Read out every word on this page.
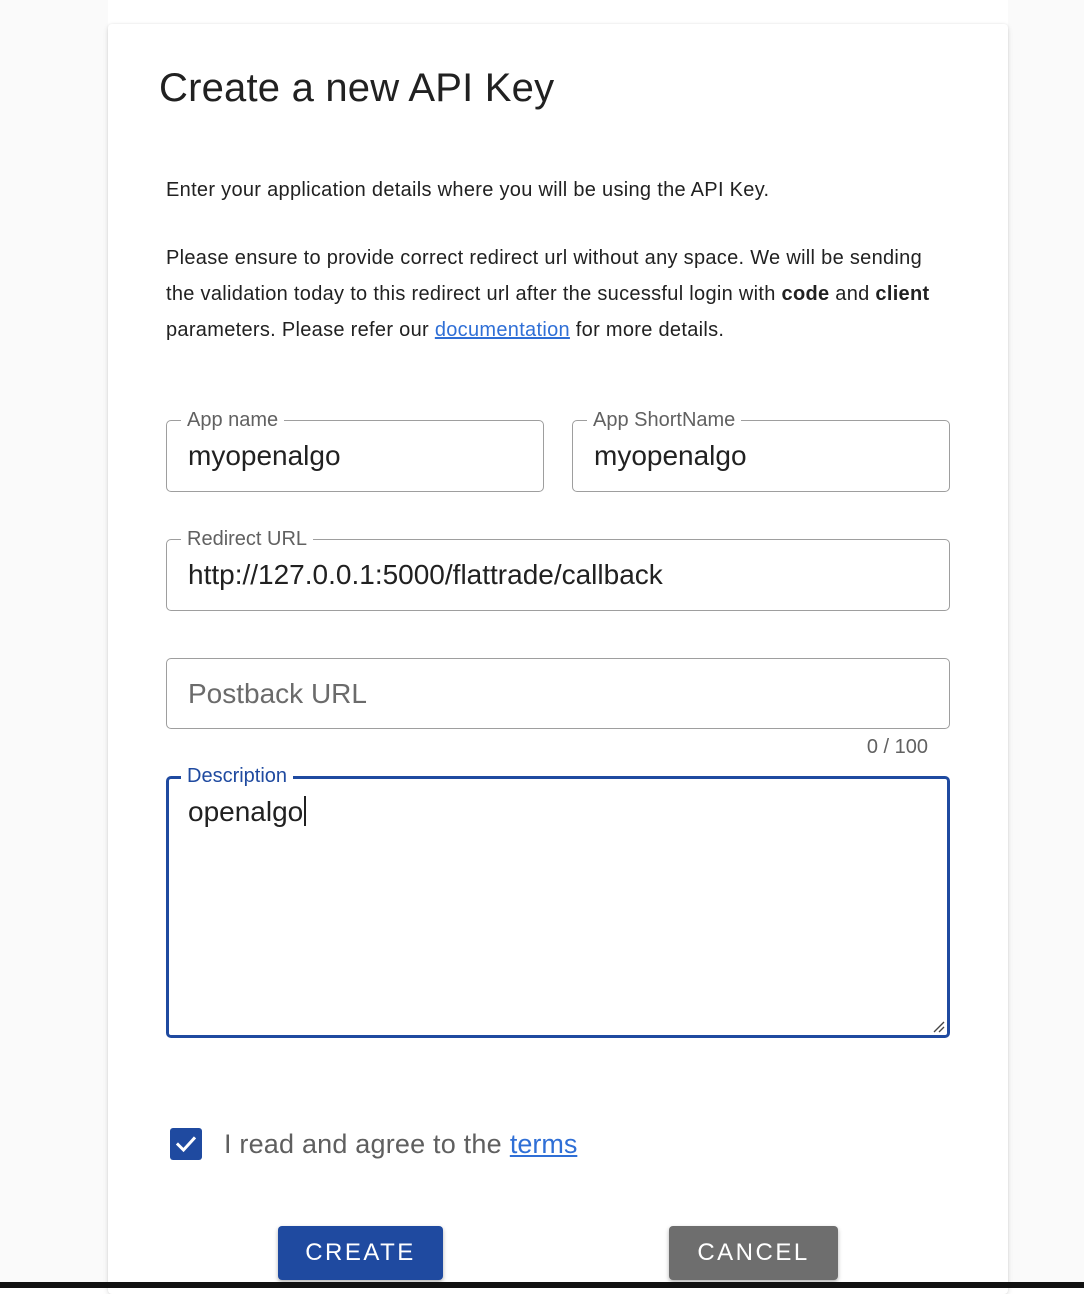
Create a new API Key

Enter your application details where you will be using the API Key.

Please ensure to provide correct redirect url without any space. We will be sending the validation today to this redirect url after the sucessful login with code and client parameters. Please refer our documentation for more details.

App name
myopenalgo
App ShortName
myopenalgo
Redirect URL
http://127.0.0.1:5000/flattrade/callback
Postback URL
0 / 100
Description
openalgo
I read and agree to the terms
CREATE	CANCEL
